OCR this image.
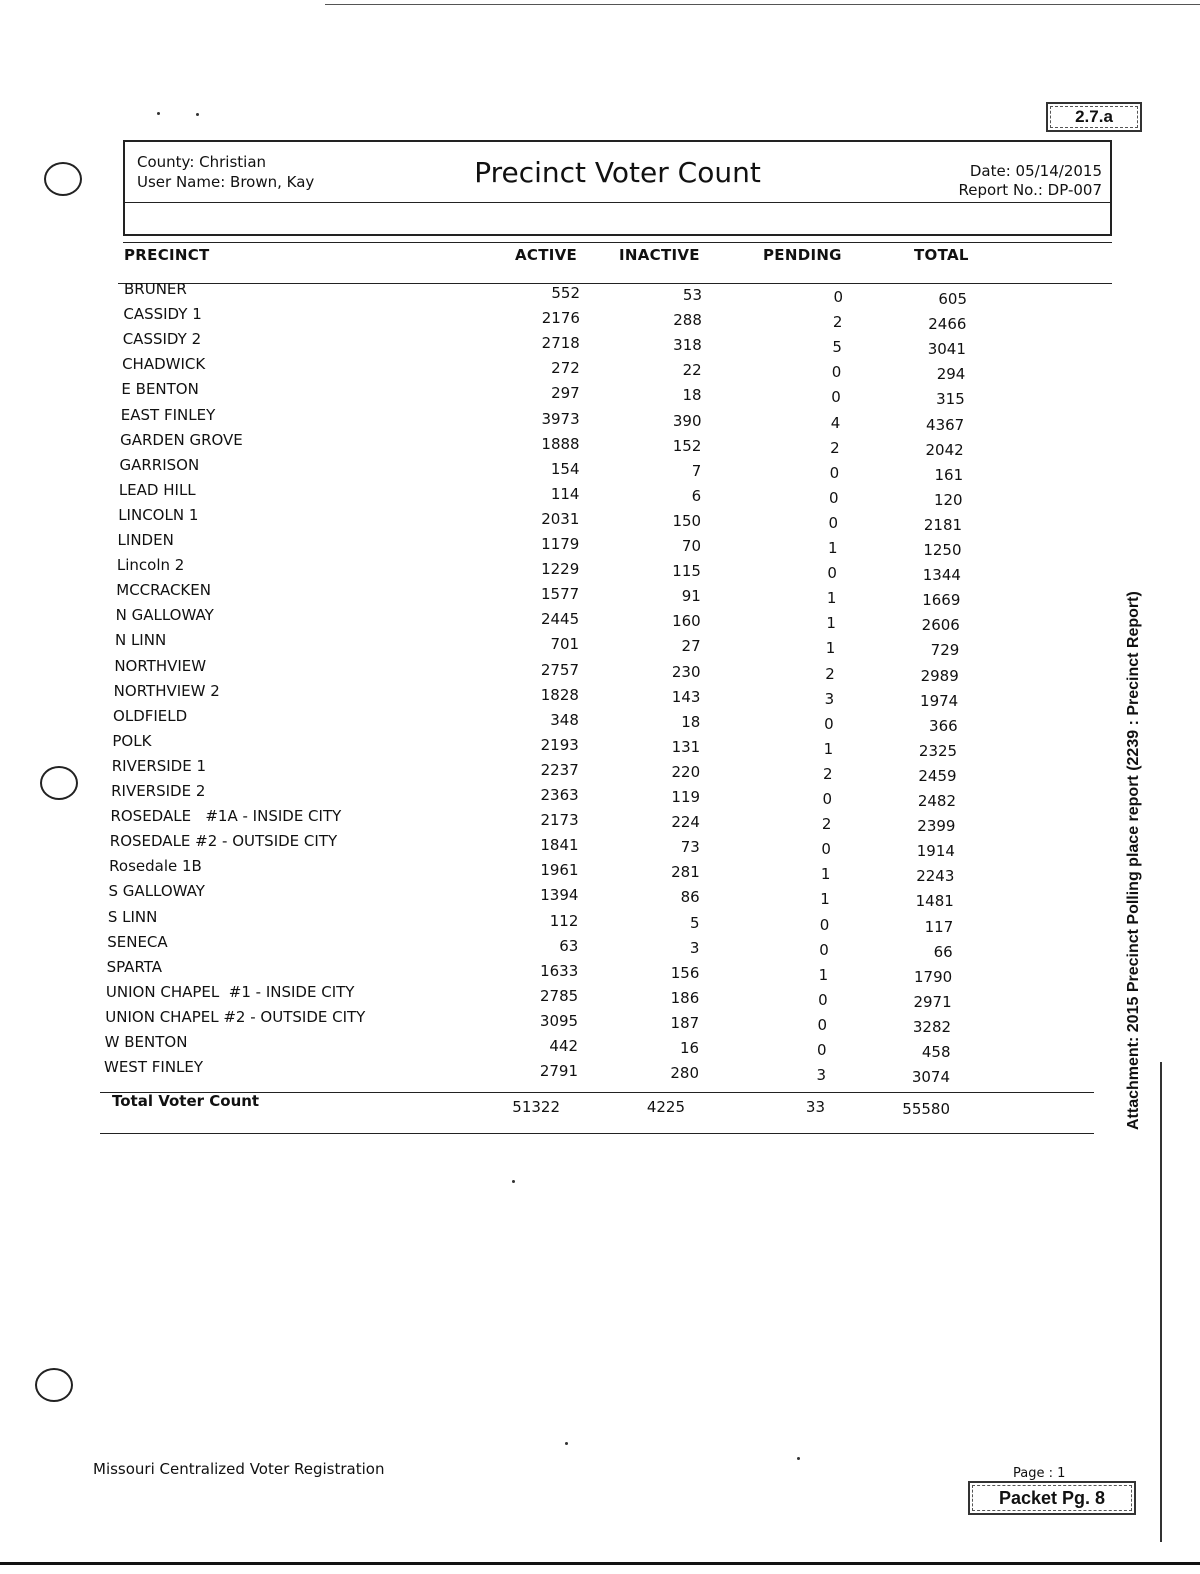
2.7.a
County: Christian
User Name: Brown, Kay	Precinct Voter Count	Date: 05/14/2015
Report No.: DP-007
PRECINCT	ACTIVE	INACTIVE	PENDING	TOTAL
BRUNER	552	53	0	605
CASSIDY 1	2176	288	2	2466
CASSIDY 2	2718	318	5	3041
CHADWICK	272	22	0	294
E BENTON	297	18	0	315
EAST FINLEY	3973	390	4	4367
GARDEN GROVE	1888	152	2	2042
GARRISON	154	7	0	161
LEAD HILL	114	6	0	120
LINCOLN 1	2031	150	0	2181
LINDEN	1179	70	1	1250
Lincoln 2	1229	115	0	1344
MCCRACKEN	1577	91	1	1669
N GALLOWAY	2445	160	1	2606
N LINN	701	27	1	729
NORTHVIEW	2757	230	2	2989
NORTHVIEW 2	1828	143	3	1974
OLDFIELD	348	18	0	366
POLK	2193	131	1	2325
RIVERSIDE 1	2237	220	2	2459
RIVERSIDE 2	2363	119	0	2482
ROSEDALE   #1A - INSIDE CITY	2173	224	2	2399
ROSEDALE #2 - OUTSIDE CITY	1841	73	0	1914
Rosedale 1B	1961	281	1	2243
S GALLOWAY	1394	86	1	1481
S LINN	112	5	0	117
SENECA	63	3	0	66
SPARTA	1633	156	1	1790
UNION CHAPEL  #1 - INSIDE CITY	2785	186	0	2971
UNION CHAPEL #2 - OUTSIDE CITY	3095	187	0	3282
W BENTON	442	16	0	458
WEST FINLEY	2791	280	3	3074
Total Voter Count	51322	4225	33	55580	Attachment: 2015 Precinct Polling place report (2239 : Precinct Report)
Missouri Centralized Voter Registration	Page : 1
Packet Pg. 8
